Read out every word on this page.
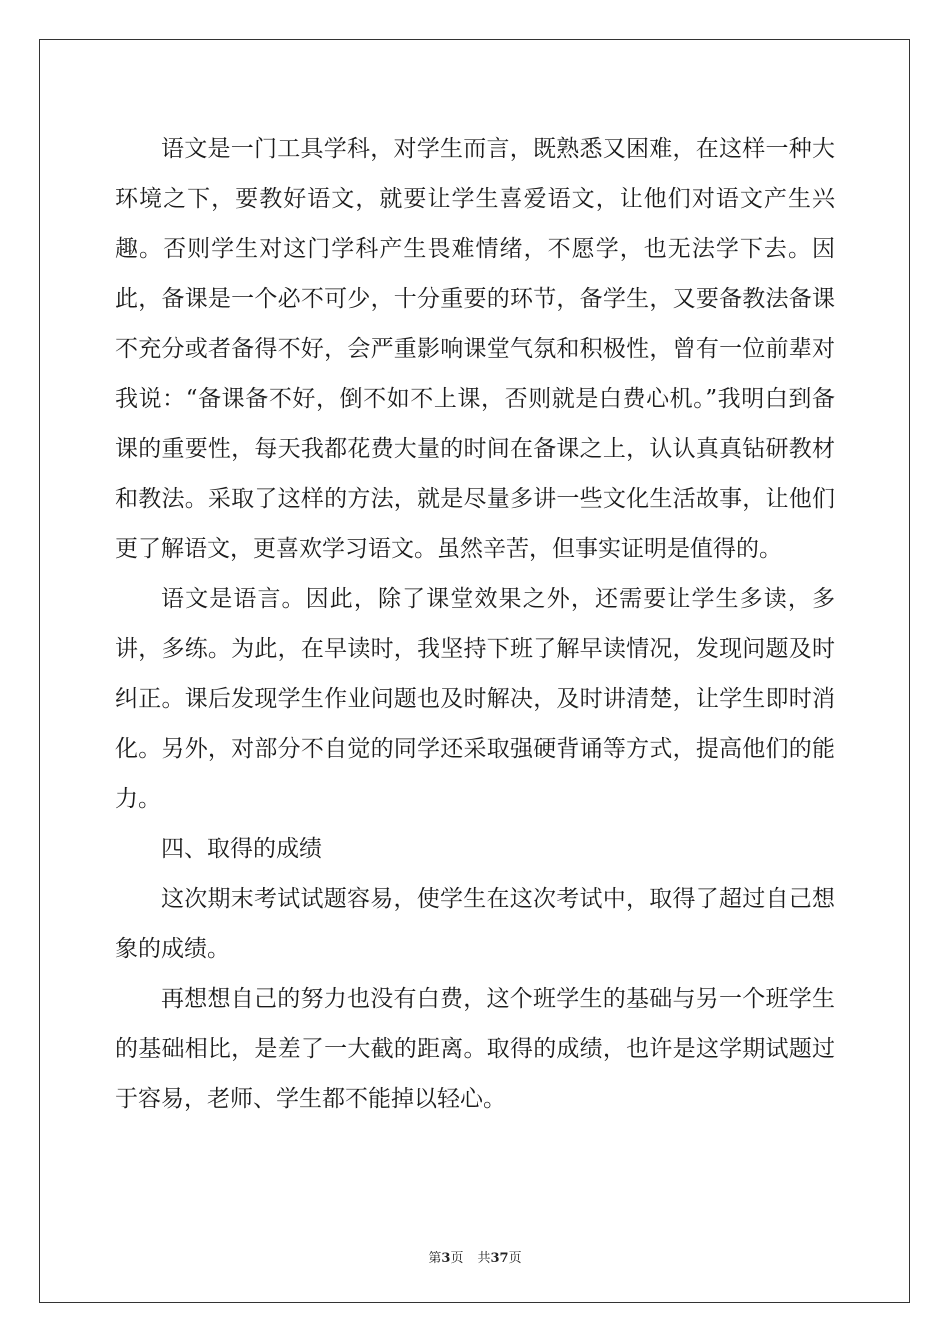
语文是一门工具学科，对学生而言，既熟悉又困难，在这样一种大环境之下，要教好语文，就要让学生喜爱语文，让他们对语文产生兴趣。否则学生对这门学科产生畏难情绪，不愿学，也无法学下去。因此，备课是一个必不可少，十分重要的环节，备学生，又要备教法备课不充分或者备得不好，会严重影响课堂气氛和积极性，曾有一位前辈对我说：“备课备不好，倒不如不上课，否则就是白费心机。”我明白到备课的重要性，每天我都花费大量的时间在备课之上，认认真真钻研教材和教法。采取了这样的方法，就是尽量多讲一些文化生活故事，让他们更了解语文，更喜欢学习语文。虽然辛苦，但事实证明是值得的。

语文是语言。因此，除了课堂效果之外，还需要让学生多读，多讲，多练。为此，在早读时，我坚持下班了解早读情况，发现问题及时纠正。课后发现学生作业问题也及时解决，及时讲清楚，让学生即时消化。另外，对部分不自觉的同学还采取强硬背诵等方式，提高他们的能力。

四、取得的成绩

这次期末考试试题容易，使学生在这次考试中，取得了超过自己想象的成绩。

再想想自己的努力也没有白费，这个班学生的基础与另一个班学生的基础相比，是差了一大截的距离。取得的成绩，也许是这学期试题过于容易，老师、学生都不能掉以轻心。

第3页 共37页
